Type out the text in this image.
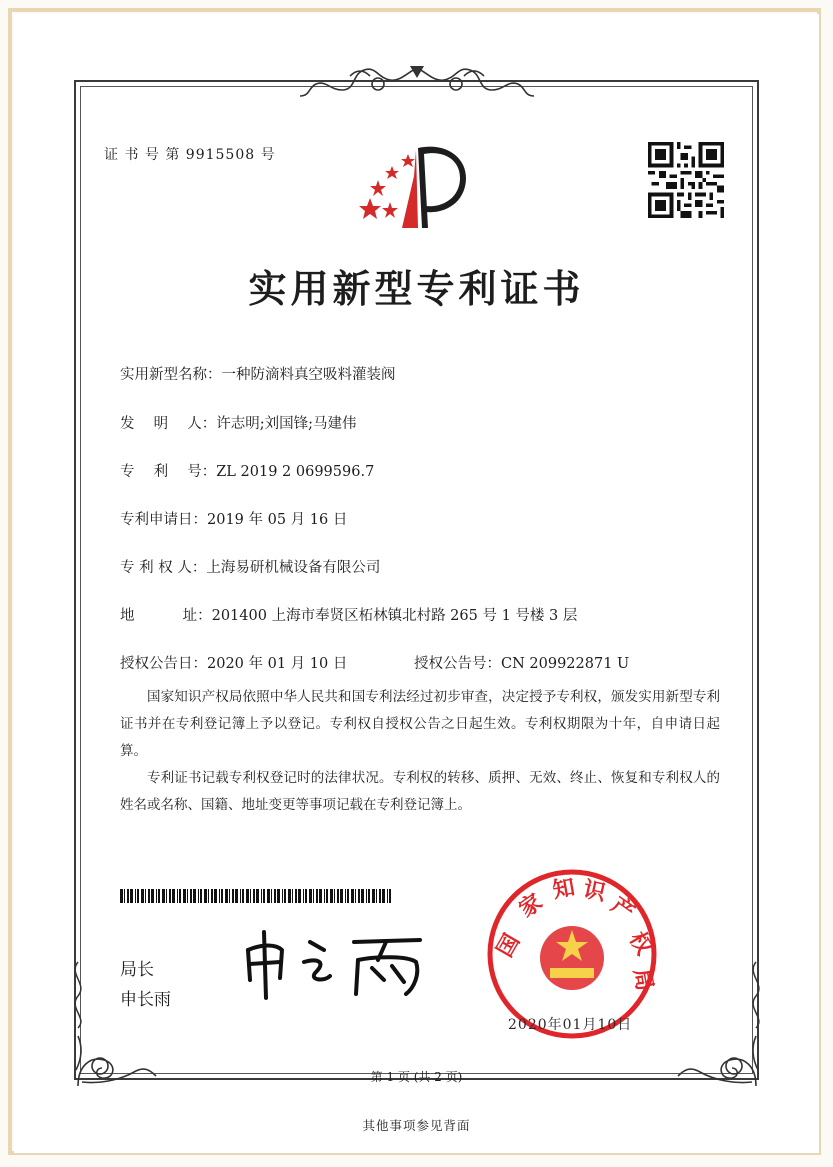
证 书 号 第 9915508 号
实用新型专利证书
实用新型名称：一种防滴料真空吸料灌装阀
发　 明　 人：许志明;刘国锋;马建伟
专　 利　 号：ZL 2019 2 0699596.7
专利申请日：2019 年 05 月 16 日
专 利 权 人：上海易研机械设备有限公司
地　　　 址：201400 上海市奉贤区柘林镇北村路 265 号 1 号楼 3 层
授权公告日：2020 年 01 月 10 日	授权公告号：CN 209922871 U
国家知识产权局依照中华人民共和国专利法经过初步审查，决定授予专利权，颁发实用新型专利证书并在专利登记簿上予以登记。专利权自授权公告之日起生效。专利权期限为十年，自申请日起算。
专利证书记载专利权登记时的法律状况。专利权的转移、质押、无效、终止、恢复和专利权人的姓名或名称、国籍、地址变更等事项记载在专利登记簿上。
局长
申长雨
国
家 知 识
产
权
局
2020年01月10日
第 1 页 (共 2 页)
其他事项参见背面
